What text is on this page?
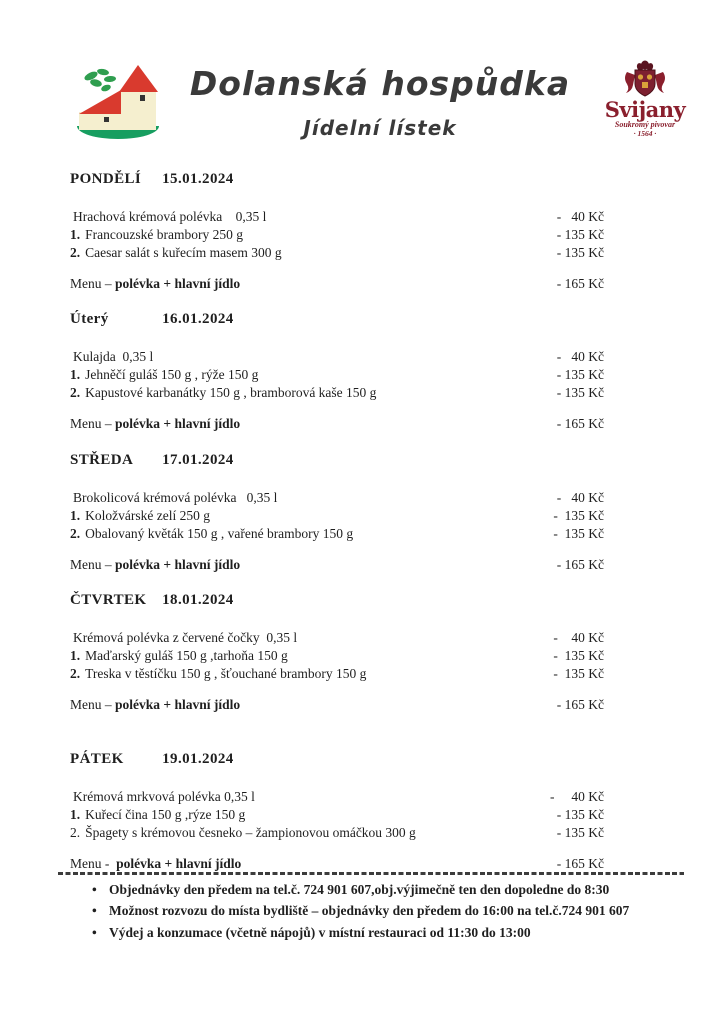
Dolanská hospůdka
Jídelní lístek
Svijany
Soukromý pivovar
· 1564 ·
PONDĚLÍ 15.01.2024
Hrachová krémová polévka    0,35 l	-   40 Kč
1. Francouzské brambory 250 g	- 135 Kč
2. Caesar salát s kuřecím masem 300 g	- 135 Kč
Menu – polévka + hlavní jídlo	- 165 Kč
Úterý	16.01.2024
Kulajda  0,35 l	-   40 Kč
1. Jehněčí guláš 150 g , rýže 150 g	- 135 Kč
2. Kapustové karbanátky 150 g , bramborová kaše 150 g	- 135 Kč
Menu – polévka + hlavní jídlo	- 165 Kč
STŘEDA 17.01.2024
Brokolicová krémová polévka   0,35 l	-   40 Kč
1. Koložvárské zelí 250 g	-  135 Kč
2. Obalovaný květák 150 g , vařené brambory 150 g	-  135 Kč
Menu – polévka + hlavní jídlo	- 165 Kč
ČTVRTEK 18.01.2024
Krémová polévka z červené čočky  0,35 l	-    40 Kč
1. Maďarský guláš 150 g ,tarhoňa 150 g	-  135 Kč
2. Treska v těstíčku 150 g , šťouchané brambory 150 g	-  135 Kč
Menu – polévka + hlavní jídlo	- 165 Kč
PÁTEK	19.01.2024
Krémová mrkvová polévka 0,35 l	-     40 Kč
1. Kuřecí čina 150 g ,rýze 150 g	- 135 Kč
2. Špagety s krémovou česneko – žampionovou omáčkou 300 g	- 135 Kč
Menu - polévka + hlavní jídlo	- 165 Kč
• Objednávky den předem na tel.č. 724 901 607,obj.výjimečně ten den dopoledne do 8:30
• Možnost rozvozu do místa bydliště – objednávky den předem do 16:00 na tel.č.724 901 607
• Výdej a konzumace (včetně nápojů) v místní restauraci od 11:30 do 13:00
